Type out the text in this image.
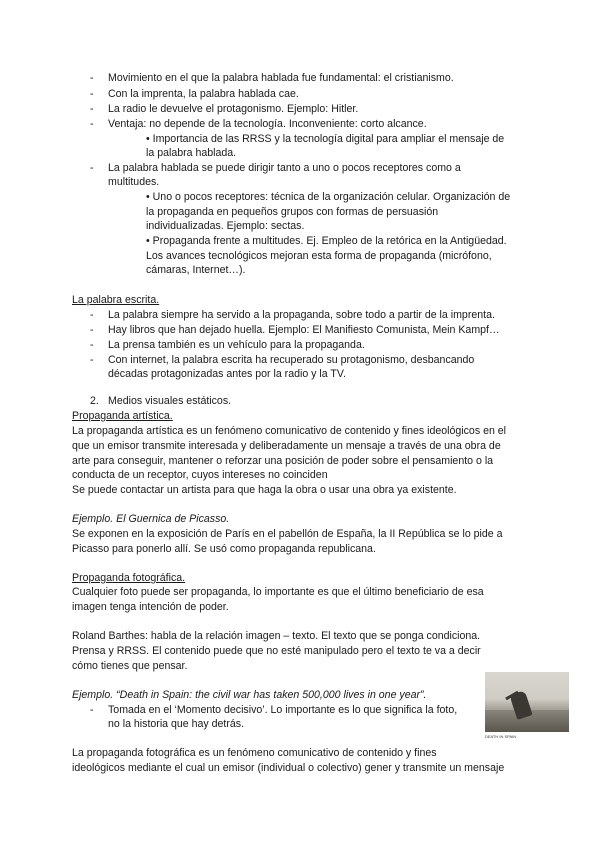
- Movimiento en el que la palabra hablada fue fundamental: el cristianismo.
- Con la imprenta, la palabra hablada cae.
- La radio le devuelve el protagonismo. Ejemplo: Hitler.
- Ventaja: no depende de la tecnología. Inconveniente: corto alcance.
• Importancia de las RRSS y la tecnología digital para ampliar el mensaje de
la palabra hablada.
- La palabra hablada se puede dirigir tanto a uno o pocos receptores como a
multitudes.
• Uno o pocos receptores: técnica de la organización celular. Organización de
la propaganda en pequeños grupos con formas de persuasión
individualizadas. Ejemplo: sectas.
• Propaganda frente a multitudes. Ej. Empleo de la retórica en la Antigüedad.
Los avances tecnológicos mejoran esta forma de propaganda (micrófono,
cámaras, Internet…).
La palabra escrita.
- La palabra siempre ha servido a la propaganda, sobre todo a partir de la imprenta.
- Hay libros que han dejado huella. Ejemplo: El Manifiesto Comunista, Mein Kampf…
- La prensa también es un vehículo para la propaganda.
- Con internet, la palabra escrita ha recuperado su protagonismo, desbancando
décadas protagonizadas antes por la radio y la TV.
2. Medios visuales estáticos.
Propaganda artística.
La propaganda artística es un fenómeno comunicativo de contenido y fines ideológicos en el
que un emisor transmite interesada y deliberadamente un mensaje a través de una obra de
arte para conseguir, mantener o reforzar una posición de poder sobre el pensamiento o la
conducta de un receptor, cuyos intereses no coinciden
Se puede contactar un artista para que haga la obra o usar una obra ya existente.
Ejemplo. El Guernica de Picasso.
Se exponen en la exposición de París en el pabellón de España, la II República se lo pide a
Picasso para ponerlo allí. Se usó como propaganda republicana.
Propaganda fotográfica.
Cualquier foto puede ser propaganda, lo importante es que el último beneficiario de esa
imagen tenga intención de poder.
Roland Barthes: habla de la relación imagen – texto. El texto que se ponga condiciona.
Prensa y RRSS. El contenido puede que no esté manipulado pero el texto te va a decir
cómo tienes que pensar.
Ejemplo. “Death in Spain: the civil war has taken 500,000 lives in one year”.
- Tomada en el ‘Momento decisivo’. Lo importante es lo que significa la foto,
no la historia que hay detrás.
DEATH IN SPAIN
La propaganda fotográfica es un fenómeno comunicativo de contenido y fines
ideológicos mediante el cual un emisor (individual o colectivo) gener y transmite un mensaje
